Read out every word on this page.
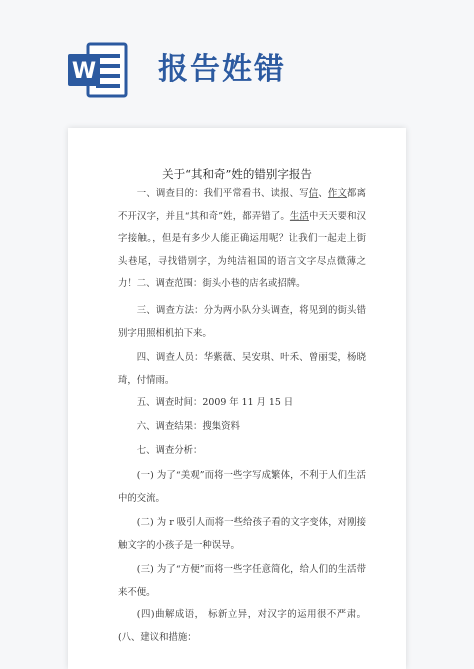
W 报告姓错
关于“其和奇”姓的错别字报告
一、调查目的：我们平常看书、读报、写信、作文都离不开汉字，并且“其和奇”姓，都弄错了。生活中天天要和汉字接触。，但是有多少人能正确运用呢？让我们一起走上街头巷尾，寻找错别字，为纯洁祖国的语言文字尽点微薄之力！ 二、调查范围：街头小巷的店名或招牌。
三、调查方法：分为两小队分头调查，将见到的街头错别字用照相机拍下来。
四、调查人员：华紫薇、吴安琪、叶禾、曾丽雯，杨晓琦，付情雨。
五、调查时间：2009 年 11 月 15 日
六、调查结果：搜集资料
七、调查分析：
(一) 为了“美观”而将一些字写成繁体，不利于人们生活中的交流。
(二) 为 r 吸引人而将一些给孩子看的文字变体，对刚接触文字的小孩子是一种误导。
(三) 为了“方便”而将一些字任意简化，给人们的生活带来不便。
(四)曲解成语， 标新立异，对汉字的运用很不严肃。(八、建议和措施：
